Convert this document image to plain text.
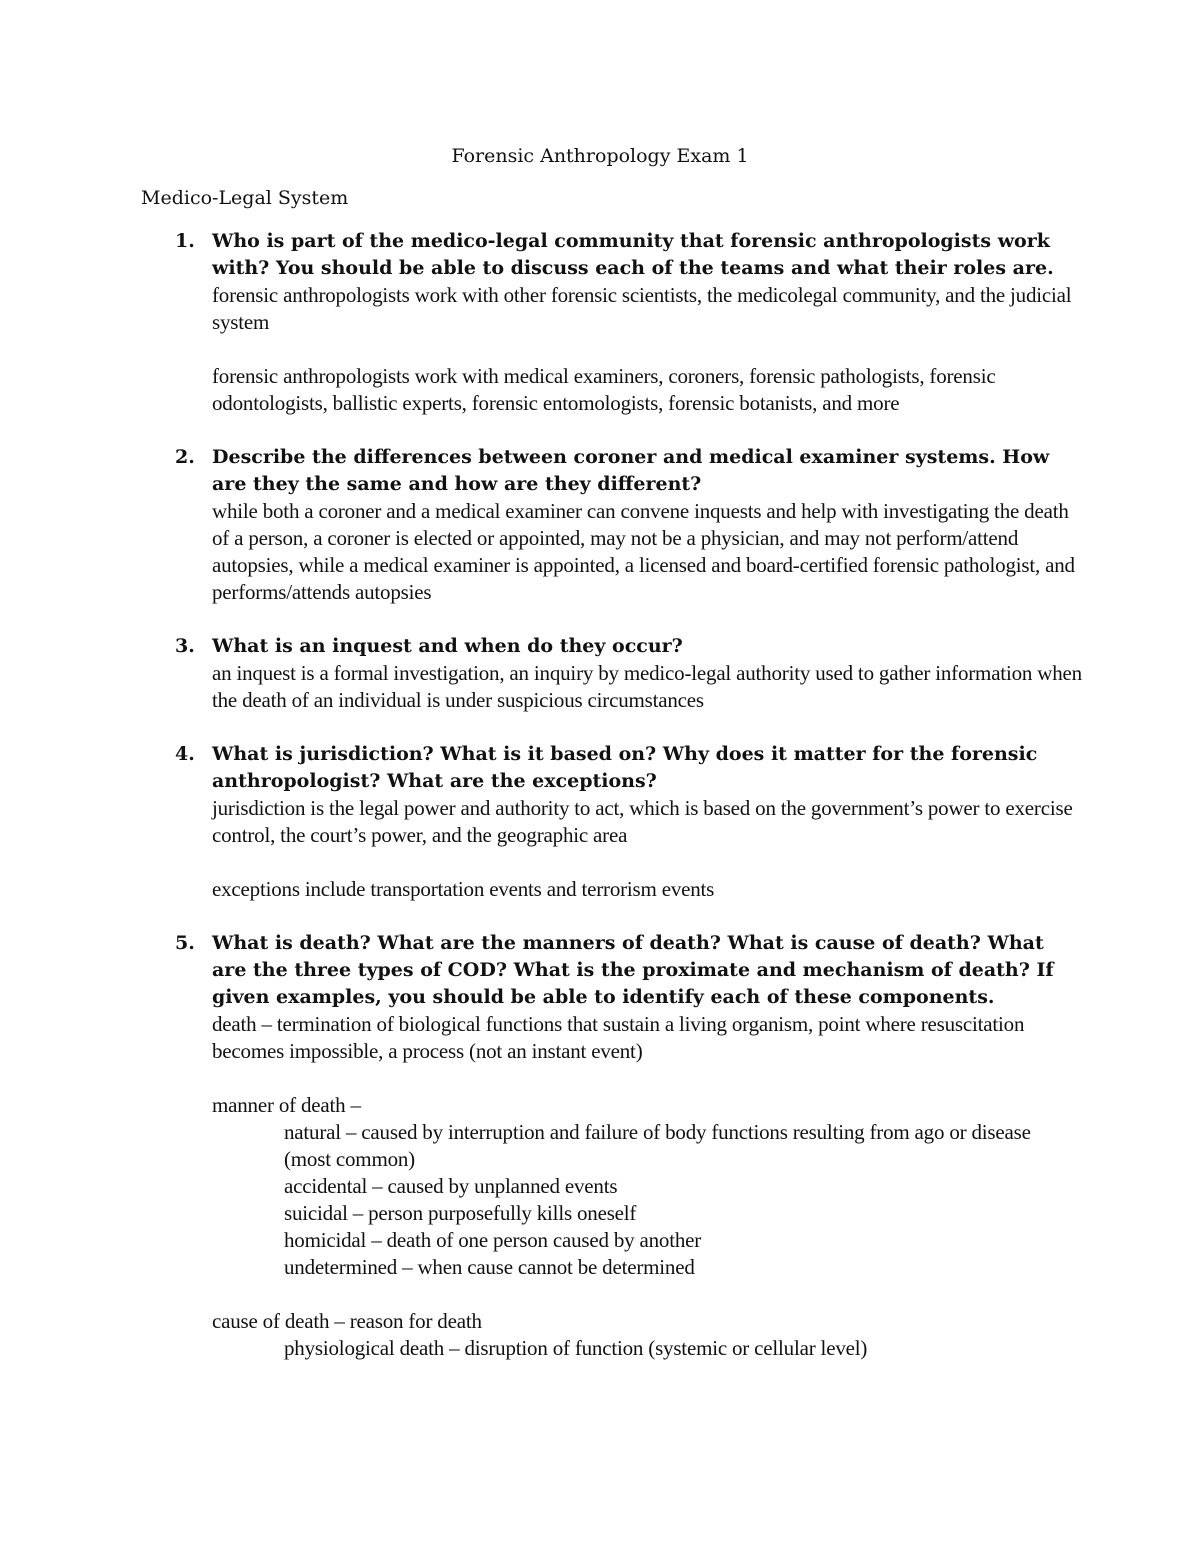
Forensic Anthropology Exam 1
Medico-Legal System
1. Who is part of the medico-legal community that forensic anthropologists work with? You should be able to discuss each of the teams and what their roles are.
forensic anthropologists work with other forensic scientists, the medicolegal community, and the judicial system
forensic anthropologists work with medical examiners, coroners, forensic pathologists, forensic odontologists, ballistic experts, forensic entomologists, forensic botanists, and more
2. Describe the differences between coroner and medical examiner systems. How are they the same and how are they different?
while both a coroner and a medical examiner can convene inquests and help with investigating the death of a person, a coroner is elected or appointed, may not be a physician, and may not perform/attend autopsies, while a medical examiner is appointed, a licensed and board-certified forensic pathologist, and performs/attends autopsies
3. What is an inquest and when do they occur?
an inquest is a formal investigation, an inquiry by medico-legal authority used to gather information when the death of an individual is under suspicious circumstances
4. What is jurisdiction? What is it based on? Why does it matter for the forensic anthropologist? What are the exceptions?
jurisdiction is the legal power and authority to act, which is based on the government’s power to exercise control, the court’s power, and the geographic area
exceptions include transportation events and terrorism events
5. What is death? What are the manners of death? What is cause of death? What are the three types of COD? What is the proximate and mechanism of death? If given examples, you should be able to identify each of these components.
death – termination of biological functions that sustain a living organism, point where resuscitation becomes impossible, a process (not an instant event)
manner of death –
natural – caused by interruption and failure of body functions resulting from ago or disease (most common)
accidental – caused by unplanned events
suicidal – person purposefully kills oneself
homicidal – death of one person caused by another
undetermined – when cause cannot be determined
cause of death – reason for death
physiological death – disruption of function (systemic or cellular level)
